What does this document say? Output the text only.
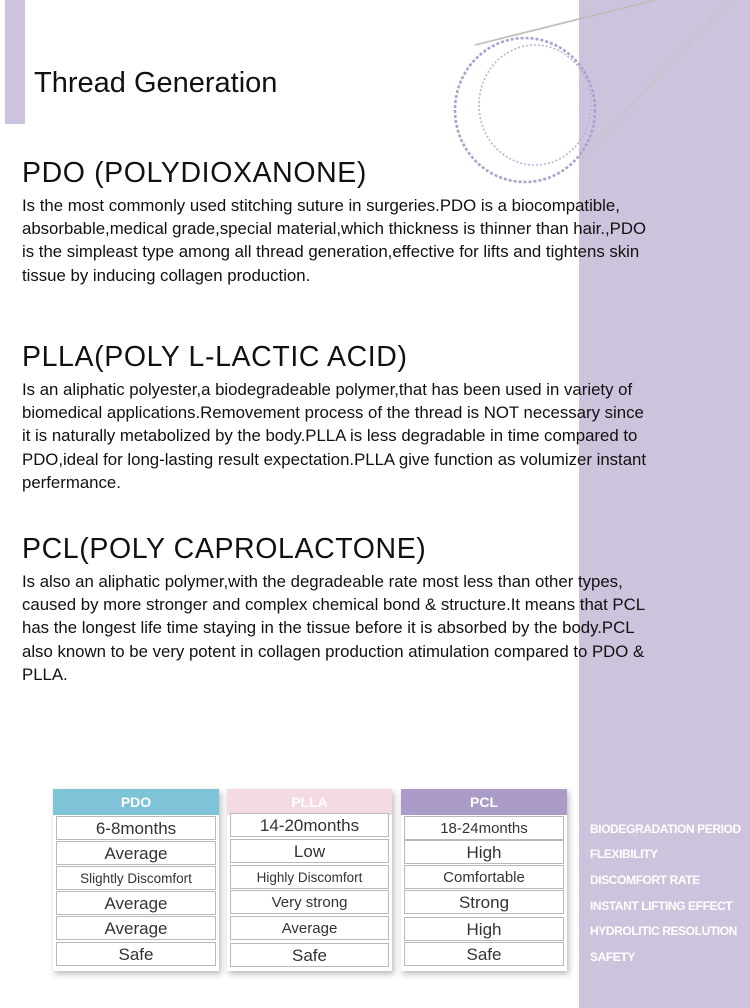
Thread Generation
PDO (POLYDIOXANONE)

Is the most commonly used stitching suture in surgeries.PDO is a biocompatible,
absorbable,medical grade,special material,which thickness is thinner than hair.,PDO
is the simpleast type among all thread generation,effective for lifts and tightens skin
tissue by inducing collagen production.

PLLA(POLY L-LACTIC ACID)

Is an aliphatic polyester,a biodegradeable polymer,that has been used in variety of
biomedical applications.Removement process of the thread is NOT necessary since
it is naturally metabolized by the body.PLLA is less degradable in time compared to
PDO,ideal for long-lasting result expectation.PLLA give function as volumizer instant
perfermance.

PCL(POLY CAPROLACTONE)

Is also an aliphatic polymer,with the degradeable rate most less than other types,
caused by more stronger and complex chemical bond & structure.It means that PCL
has the longest life time staying in the tissue before it is absorbed by the body.PCL
also known to be very potent in collagen production atimulation compared to PDO &
PLLA.

PDO
6-8months
Average
Slightly Discomfort
Average
Average
Safe
PLLA
14-20months
Low
Highly Discomfort
Very strong
Average
Safe
PCL
18-24months
High
Comfortable
Strong
High
Safe
BIODEGRADATION PERIOD
FLEXIBILITY
DISCOMFORT RATE
INSTANT LIFTING EFFECT
HYDROLITIC RESOLUTION
SAFETY
